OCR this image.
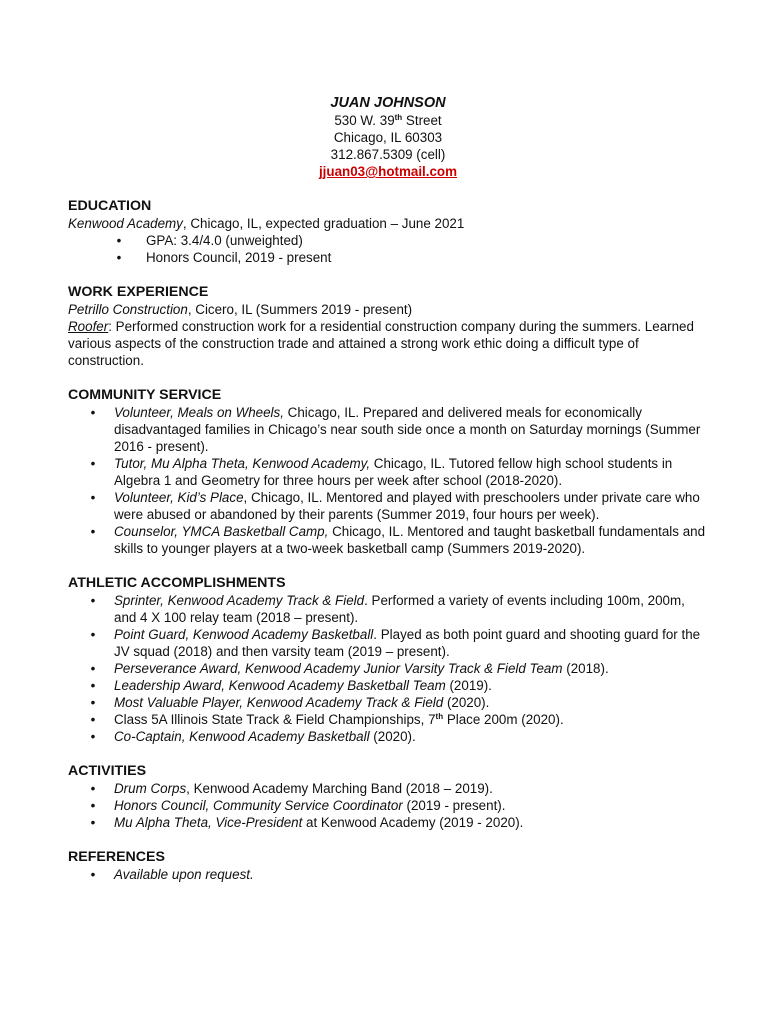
JUAN JOHNSON
530 W. 39th Street
Chicago, IL 60303
312.867.5309 (cell)
jjuan03@hotmail.com
EDUCATION
Kenwood Academy, Chicago, IL, expected graduation – June 2021
• GPA: 3.4/4.0 (unweighted)
• Honors Council, 2019 - present
WORK EXPERIENCE
Petrillo Construction, Cicero, IL (Summers 2019 - present)
Roofer: Performed construction work for a residential construction company during the summers. Learned various aspects of the construction trade and attained a strong work ethic doing a difficult type of construction.
COMMUNITY SERVICE
• Volunteer, Meals on Wheels, Chicago, IL. Prepared and delivered meals for economically disadvantaged families in Chicago’s near south side once a month on Saturday mornings (Summer 2016 - present).
• Tutor, Mu Alpha Theta, Kenwood Academy, Chicago, IL. Tutored fellow high school students in Algebra 1 and Geometry for three hours per week after school (2018-2020).
• Volunteer, Kid’s Place, Chicago, IL. Mentored and played with preschoolers under private care who were abused or abandoned by their parents (Summer 2019, four hours per week).
• Counselor, YMCA Basketball Camp, Chicago, IL. Mentored and taught basketball fundamentals and skills to younger players at a two-week basketball camp (Summers 2019-2020).
ATHLETIC ACCOMPLISHMENTS
• Sprinter, Kenwood Academy Track & Field. Performed a variety of events including 100m, 200m, and 4 X 100 relay team (2018 – present).
• Point Guard, Kenwood Academy Basketball. Played as both point guard and shooting guard for the JV squad (2018) and then varsity team (2019 – present).
• Perseverance Award, Kenwood Academy Junior Varsity Track & Field Team (2018).
• Leadership Award, Kenwood Academy Basketball Team (2019).
• Most Valuable Player, Kenwood Academy Track & Field (2020).
• Class 5A Illinois State Track & Field Championships, 7th Place 200m (2020).
• Co-Captain, Kenwood Academy Basketball (2020).
ACTIVITIES
• Drum Corps, Kenwood Academy Marching Band (2018 – 2019).
• Honors Council, Community Service Coordinator (2019 - present).
• Mu Alpha Theta, Vice-President at Kenwood Academy (2019 - 2020).
REFERENCES
• Available upon request.
